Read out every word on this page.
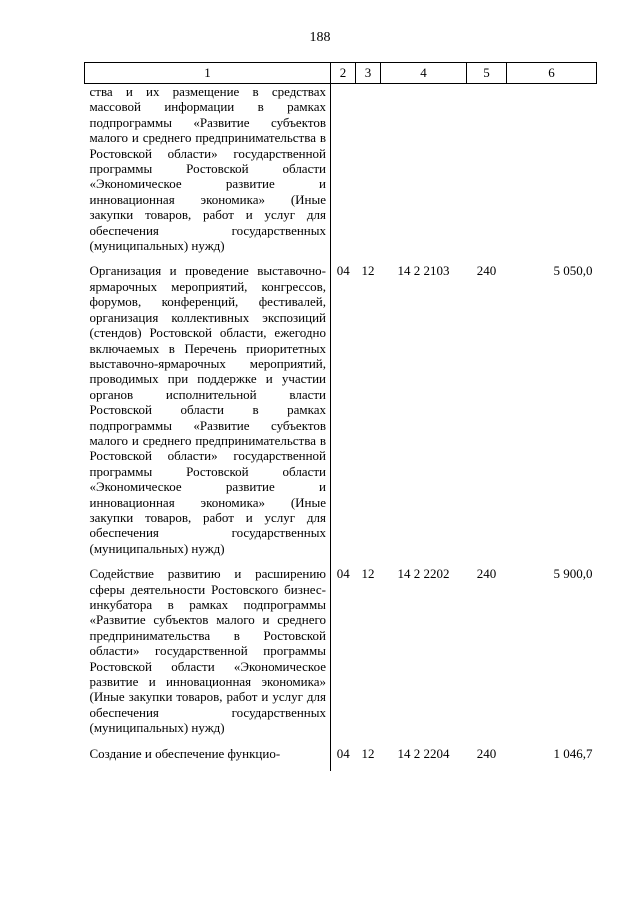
188
1	2	3	4	5	6
ства и их размещение в средствах массовой информации в рамках подпрограммы «Развитие субъектов малого и среднего предпринимательства в Ростовской области» государственной программы Ростовской области «Экономическое развитие и инновационная экономика» (Иные закупки товаров, работ и услуг для обеспечения государственных (муниципальных) нужд)					
Организация и проведение выставочно-ярмарочных мероприятий, конгрессов, форумов, конференций, фестивалей, организация коллективных экспозиций (стендов) Ростовской области, ежегодно включаемых в Перечень приоритетных выставочно-ярмарочных мероприятий, проводимых при поддержке и участии органов исполнительной власти Ростовской области в рамках подпрограммы «Развитие субъектов малого и среднего предпринимательства в Ростовской области» государственной программы Ростовской области «Экономическое развитие и инновационная экономика» (Иные закупки товаров, работ и услуг для обеспечения государственных (муниципальных) нужд)	04	12	14 2 2103	240	5 050,0
Содействие развитию и расширению сферы деятельности Ростовского бизнес-инкубатора в рамках подпрограммы «Развитие субъектов малого и среднего предпринимательства в Ростовской области» государственной программы Ростовской области «Экономическое развитие и инновационная экономика» (Иные закупки товаров, работ и услуг для обеспечения государственных (муниципальных) нужд)	04	12	14 2 2202	240	5 900,0
Создание и обеспечение функцио-	04	12	14 2 2204	240	1 046,7
